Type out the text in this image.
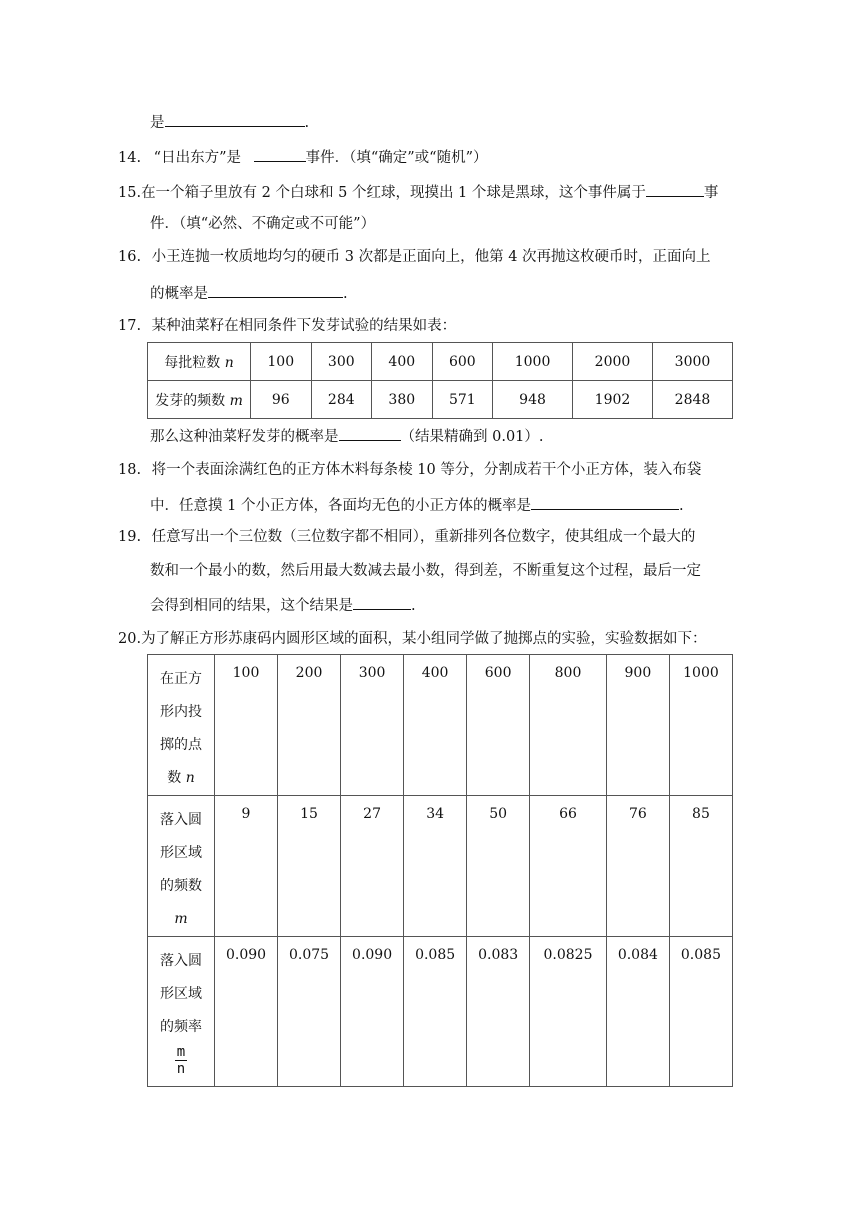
是	.
14. “日出东方”是	事件．（填“确定”或“随机”）
15.在一个箱子里放有 2 个白球和 5 个红球，现摸出 1 个球是黑球，这个事件属于	事
件．（填“必然、不确定或不可能”）
16. 小王连抛一枚质地均匀的硬币 3 次都是正面向上，他第 4 次再抛这枚硬币时，正面向上
的概率是	.
17. 某种油菜籽在相同条件下发芽试验的结果如表：
每批粒数 n	100	300	400	600	1000	2000	3000
发芽的频数 m	96	284	380	571	948	1902	2848
那么这种油菜籽发芽的概率是	（结果精确到 0.01）.
18. 将一个表面涂满红色的正方体木料每条棱 10 等分，分割成若干个小正方体，装入布袋
中．任意摸 1 个小正方体，各面均无色的小正方体的概率是	.
19. 任意写出一个三位数（三位数字都不相同），重新排列各位数字，使其组成一个最大的
数和一个最小的数，然后用最大数减去最小数，得到差，不断重复这个过程，最后一定
会得到相同的结果，这个结果是	.
20.为了解正方形苏康码内圆形区域的面积，某小组同学做了抛掷点的实验，实验数据如下：
在正方
形内投
掷的点
数 n	100	200	300	400	600	800	900	1000
落入圆
形区域
的频数
m	9	15	27	34	50	66	76	85
落入圆
形区域
的频率

$\frac{m}{n}$	0.090	0.075	0.090	0.085	0.083	0.0825	0.084	0.085
